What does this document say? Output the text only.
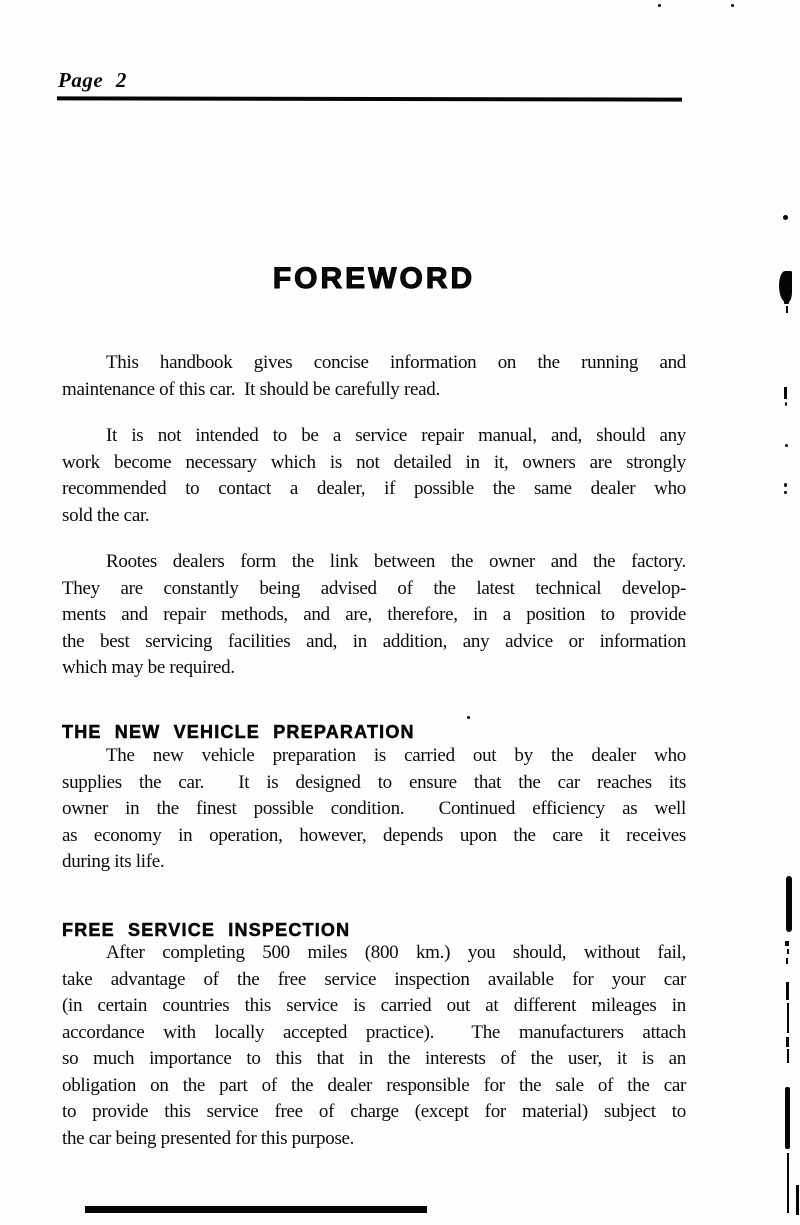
Page 2
FOREWORD
This handbook gives concise information on the running and
maintenance of this car.  It should be carefully read.
It is not intended to be a service repair manual, and, should any
work become necessary which is not detailed in it, owners are strongly
recommended to contact a dealer, if possible the same dealer who
sold the car.
Rootes dealers form the link between the owner and the factory.
They are constantly being advised of the latest technical develop-
ments and repair methods, and are, therefore, in a position to provide
the best servicing facilities and, in addition, any advice or information
which may be required.
THE NEW VEHICLE PREPARATION
The new vehicle preparation is carried out by the dealer who
supplies the car.  It is designed to ensure that the car reaches its
owner in the finest possible condition.  Continued efficiency as well
as economy in operation, however, depends upon the care it receives
during its life.
FREE SERVICE INSPECTION
After completing 500 miles (800 km.) you should, without fail,
take advantage of the free service inspection available for your car
(in certain countries this service is carried out at different mileages in
accordance with locally accepted practice).  The manufacturers attach
so much importance to this that in the interests of the user, it is an
obligation on the part of the dealer responsible for the sale of the car
to provide this service free of charge (except for material) subject to
the car being presented for this purpose.
